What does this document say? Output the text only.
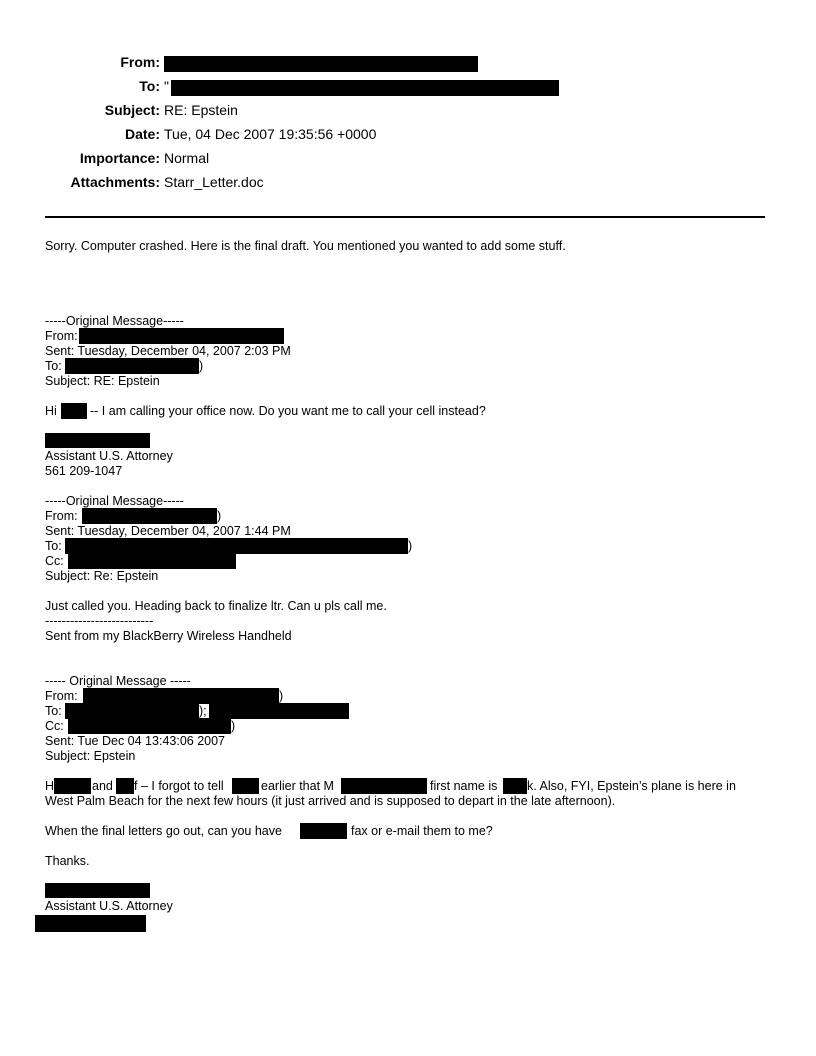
From:
To: "
Subject: RE: Epstein
Date: Tue, 04 Dec 2007 19:35:56 +0000
Importance: Normal
Attachments: Starr_Letter.doc
Sorry. Computer crashed. Here is the final draft. You mentioned you wanted to add some stuff.
-----Original Message-----
From:
Sent: Tuesday, December 04, 2007 2:03 PM
To:	)
Subject: RE: Epstein
Hi	-- I am calling your office now. Do you want me to call your cell instead?
Assistant U.S. Attorney
561 209-1047
-----Original Message-----
From:	)
Sent: Tuesday, December 04, 2007 1:44 PM
To:	)
Cc:
Subject: Re: Epstein
Just called you. Heading back to finalize ltr. Can u pls call me.
--------------------------
Sent from my BlackBerry Wireless Handheld
----- Original Message -----
From:	)
To:	);
Cc:	)
Sent: Tue Dec 04 13:43:06 2007
Subject: Epstein
H	and f – I forgot to tell	earlier that M	first name is k. Also, FYI, Epstein’s plane is here in
West Palm Beach for the next few hours (it just arrived and is supposed to depart in the late afternoon).
When the final letters go out, can you have	fax or e-mail them to me?
Thanks.
Assistant U.S. Attorney
